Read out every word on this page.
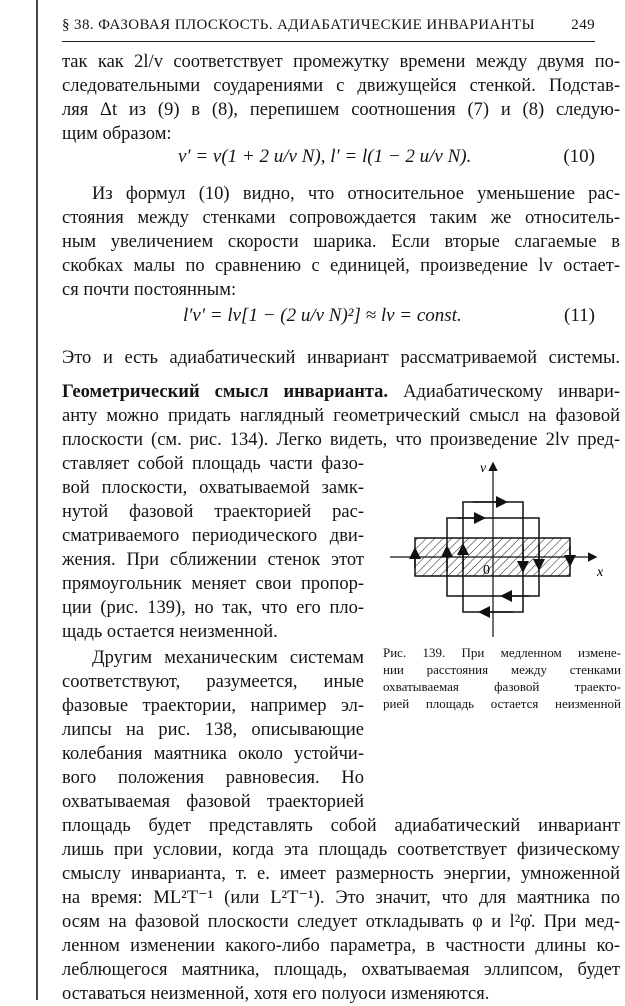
§ 38. ФАЗОВАЯ ПЛОСКОСТЬ. АДИАБАТИЧЕСКИЕ ИНВАРИАНТЫ 249

так как 2l/v соответствует промежутку времени между двумя по-

следовательными соударениями с движущейся стенкой. Подстав-

ляя Δt из (9) в (8), перепишем соотношения (7) и (8) следую-

щим образом:

v′ = v(1 + 2 u/v N), l′ = l(1 − 2 u/v N).	(10)

Из формул (10) видно, что относительное уменьшение рас-

стояния между стенками сопровождается таким же относитель-

ным увеличением скорости шарика. Если вторые слагаемые в

скобках малы по сравнению с единицей, произведение lv остает-

ся почти постоянным:

l′v′ = lv[1 − (2 u/v N)²] ≈ lv = const.	(11)

Это и есть адиабатический инвариант рассматриваемой системы.

Геометрический смысл инварианта. Адиабатическому инвари-

анту можно придать наглядный геометрический смысл на фазовой

плоскости (см. рис. 134). Легко видеть, что произведение 2lv пред-

ставляет собой площадь части фазо-

вой плоскости, охватываемой замк-

нутой фазовой траекторией рас-

сматриваемого периодического дви-

жения. При сближении стенок этот

прямоугольник меняет свои пропор-

ции (рис. 139), но так, что его пло-

щадь остается неизменной.

Другим механическим системам

соответствуют, разумеется, иные

фазовые траектории, например эл-

липсы на рис. 138, описывающие

колебания маятника около устойчи-

вого положения равновесия. Но

охватываемая фазовой траекторией

площадь будет представлять собой адиабатический инвариант

лишь при условии, когда эта площадь соответствует физическому

смыслу инварианта, т. е. имеет размерность энергии, умноженной

на время: ML²T⁻¹ (или L²T⁻¹). Это значит, что для маятника по

осям на фазовой плоскости следует откладывать φ и l²φ̇. При мед-

ленном изменении какого-либо параметра, в частности длины ко-

леблющегося маятника, площадь, охватываемая эллипсом, будет

оставаться неизменной, хотя его полуоси изменяются.

v
x
0
Рис. 139. При медленном измене-
нии расстояния между стенками
охватываемая фазовой траекто-
рией площадь остается неизменной
